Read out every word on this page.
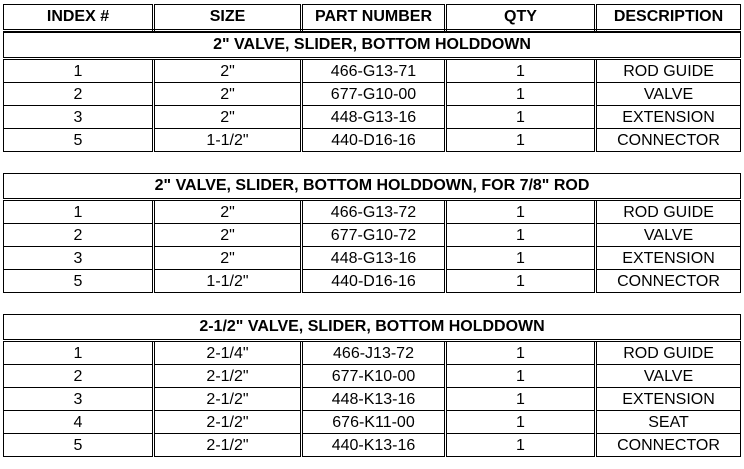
INDEX #	SIZE	PART NUMBER	QTY	DESCRIPTION
2" VALVE, SLIDER, BOTTOM HOLDDOWN				
1	2"	466-G13-71	1	ROD GUIDE
2	2"	677-G10-00	1	VALVE
3	2"	448-G13-16	1	EXTENSION
5	1-1/2"	440-D16-16	1	CONNECTOR
2" VALVE, SLIDER, BOTTOM HOLDDOWN, FOR 7/8" ROD				
1	2"	466-G13-72	1	ROD GUIDE
2	2"	677-G10-72	1	VALVE
3	2"	448-G13-16	1	EXTENSION
5	1-1/2"	440-D16-16	1	CONNECTOR
2-1/2" VALVE, SLIDER, BOTTOM HOLDDOWN				
1	2-1/4"	466-J13-72	1	ROD GUIDE
2	2-1/2"	677-K10-00	1	VALVE
3	2-1/2"	448-K13-16	1	EXTENSION
4	2-1/2"	676-K11-00	1	SEAT
5	2-1/2"	440-K13-16	1	CONNECTOR
